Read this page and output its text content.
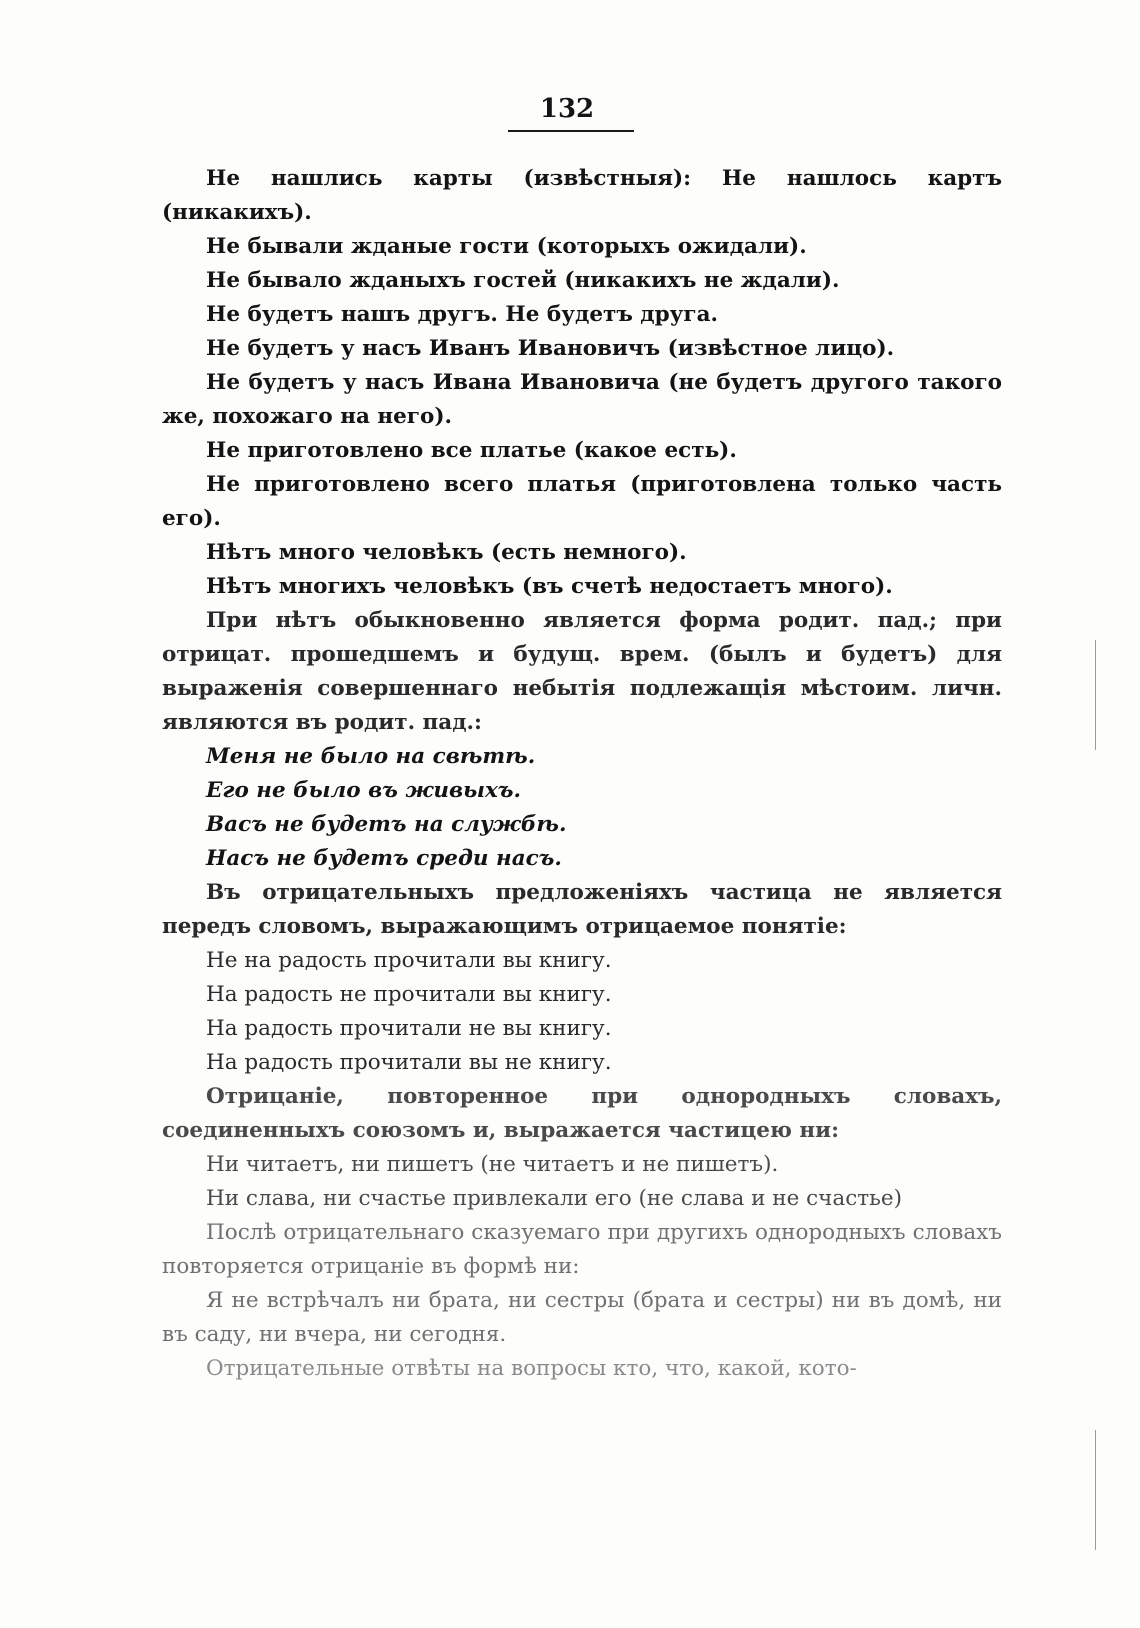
132

Не нашлись карты (извѣстныя): Не нашлось картъ (никакихъ).

Не бывали жданые гости (которыхъ ожидали).

Не бывало жданыхъ гостей (никакихъ не ждали).

Не будетъ нашъ другъ. Не будетъ друга.

Не будетъ у насъ Иванъ Ивановичъ (извѣстное лицо).

Не будетъ у насъ Ивана Ивановича (не будетъ другого такого же, похожаго на него).

Не приготовлено все платье (какое есть).

Не приготовлено всего платья (приготовлена только часть его).

Нѣтъ много человѣкъ (есть немного).

Нѣтъ многихъ человѣкъ (въ счетѣ недостаетъ много).

При нѣтъ обыкновенно является форма родит. пад.; при отрицат. прошедшемъ и будущ. врем. (былъ и будетъ) для выраженія совершеннаго небытія подлежащія мѣстоим. личн. являются въ родит. пад.:

Меня не было на свѣтѣ.

Его не было въ живыхъ.

Васъ не будетъ на службѣ.

Насъ не будетъ среди насъ.

Въ отрицательныхъ предложеніяхъ частица не является передъ словомъ, выражающимъ отрицаемое понятіе:

Не на радость прочитали вы книгу.

На радость не прочитали вы книгу.

На радость прочитали не вы книгу.

На радость прочитали вы не книгу.

Отрицаніе, повторенное при однородныхъ словахъ, соединенныхъ союзомъ и, выражается частицею ни:

Ни читаетъ, ни пишетъ (не читаетъ и не пишетъ).

Ни слава, ни счастье привлекали его (не слава и не счастье)

Послѣ отрицательнаго сказуемаго при другихъ однородныхъ словахъ повторяется отрицаніе въ формѣ ни:

Я не встрѣчалъ ни брата, ни сестры (брата и сестры) ни въ домѣ, ни въ саду, ни вчера, ни сегодня.

Отрицательные отвѣты на вопросы кто, что, какой, кото-
